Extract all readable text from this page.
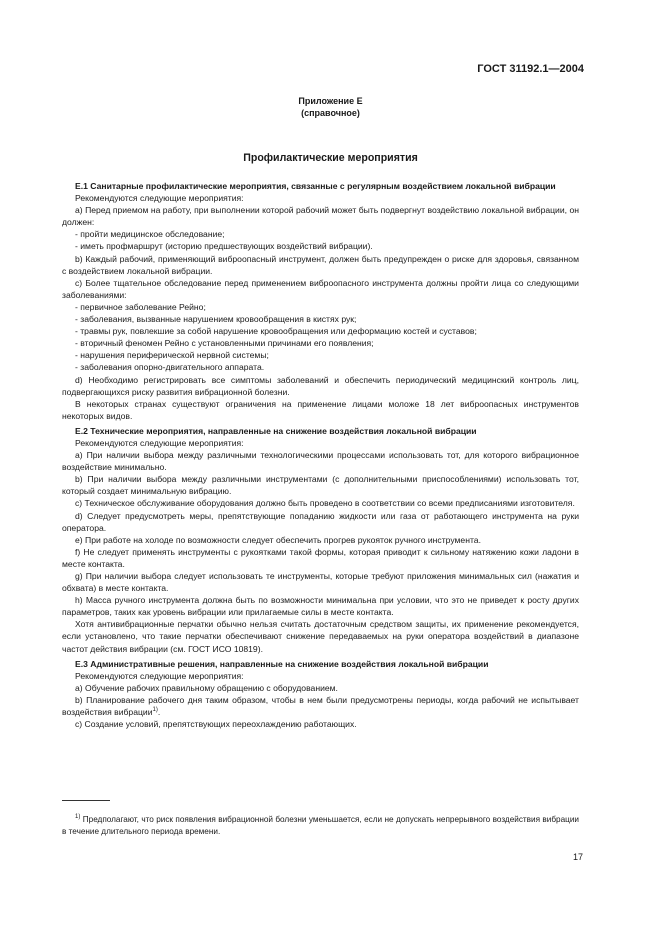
ГОСТ 31192.1—2004
Приложение Е
(справочное)
Профилактические мероприятия

Е.1 Санитарные профилактические мероприятия, связанные с регулярным воздействием локальной вибрации

Рекомендуются следующие мероприятия:

а) Перед приемом на работу, при выполнении которой рабочий может быть подвергнут воздействию локальной вибрации, он должен:

- пройти медицинское обследование;

- иметь профмаршрут (историю предшествующих воздействий вибрации).

b) Каждый рабочий, применяющий виброопасный инструмент, должен быть предупрежден о риске для здоровья, связанном с воздействием локальной вибрации.

c) Более тщательное обследование перед применением виброопасного инструмента должны пройти лица со следующими заболеваниями:

- первичное заболевание Рейно;

- заболевания, вызванные нарушением кровообращения в кистях рук;

- травмы рук, повлекшие за собой нарушение кровообращения или деформацию костей и суставов;

- вторичный феномен Рейно с установленными причинами его появления;

- нарушения периферической нервной системы;

- заболевания опорно-двигательного аппарата.

d) Необходимо регистрировать все симптомы заболеваний и обеспечить периодический медицинский контроль лиц, подвергающихся риску развития вибрационной болезни.

В некоторых странах существуют ограничения на применение лицами моложе 18 лет виброопасных инструментов некоторых видов.

Е.2 Технические мероприятия, направленные на снижение воздействия локальной вибрации

Рекомендуются следующие мероприятия:

а) При наличии выбора между различными технологическими процессами использовать тот, для которого вибрационное воздействие минимально.

b) При наличии выбора между различными инструментами (с дополнительными приспособлениями) использовать тот, который создает минимальную вибрацию.

c) Техническое обслуживание оборудования должно быть проведено в соответствии со всеми предписаниями изготовителя.

d) Следует предусмотреть меры, препятствующие попаданию жидкости или газа от работающего инструмента на руки оператора.

e) При работе на холоде по возможности следует обеспечить прогрев рукояток ручного инструмента.

f) Не следует применять инструменты с рукоятками такой формы, которая приводит к сильному натяжению кожи ладони в месте контакта.

g) При наличии выбора следует использовать те инструменты, которые требуют приложения минимальных сил (нажатия и обхвата) в месте контакта.

h) Масса ручного инструмента должна быть по возможности минимальна при условии, что это не приведет к росту других параметров, таких как уровень вибрации или прилагаемые силы в месте контакта.

Хотя антивибрационные перчатки обычно нельзя считать достаточным средством защиты, их применение рекомендуется, если установлено, что такие перчатки обеспечивают снижение передаваемых на руки оператора воздействий в диапазоне частот действия вибрации (см. ГОСТ ИСО 10819).

Е.3 Административные решения, направленные на снижение воздействия локальной вибрации

Рекомендуются следующие мероприятия:

а) Обучение рабочих правильному обращению с оборудованием.

b) Планирование рабочего дня таким образом, чтобы в нем были предусмотрены периоды, когда рабочий не испытывает воздействия вибрации$^{1)}$.

c) Создание условий, препятствующих переохлаждению работающих.

$^{1)}$ Предполагают, что риск появления вибрационной болезни уменьшается, если не допускать непрерывного воздействия вибрации в течение длительного периода времени.
17
